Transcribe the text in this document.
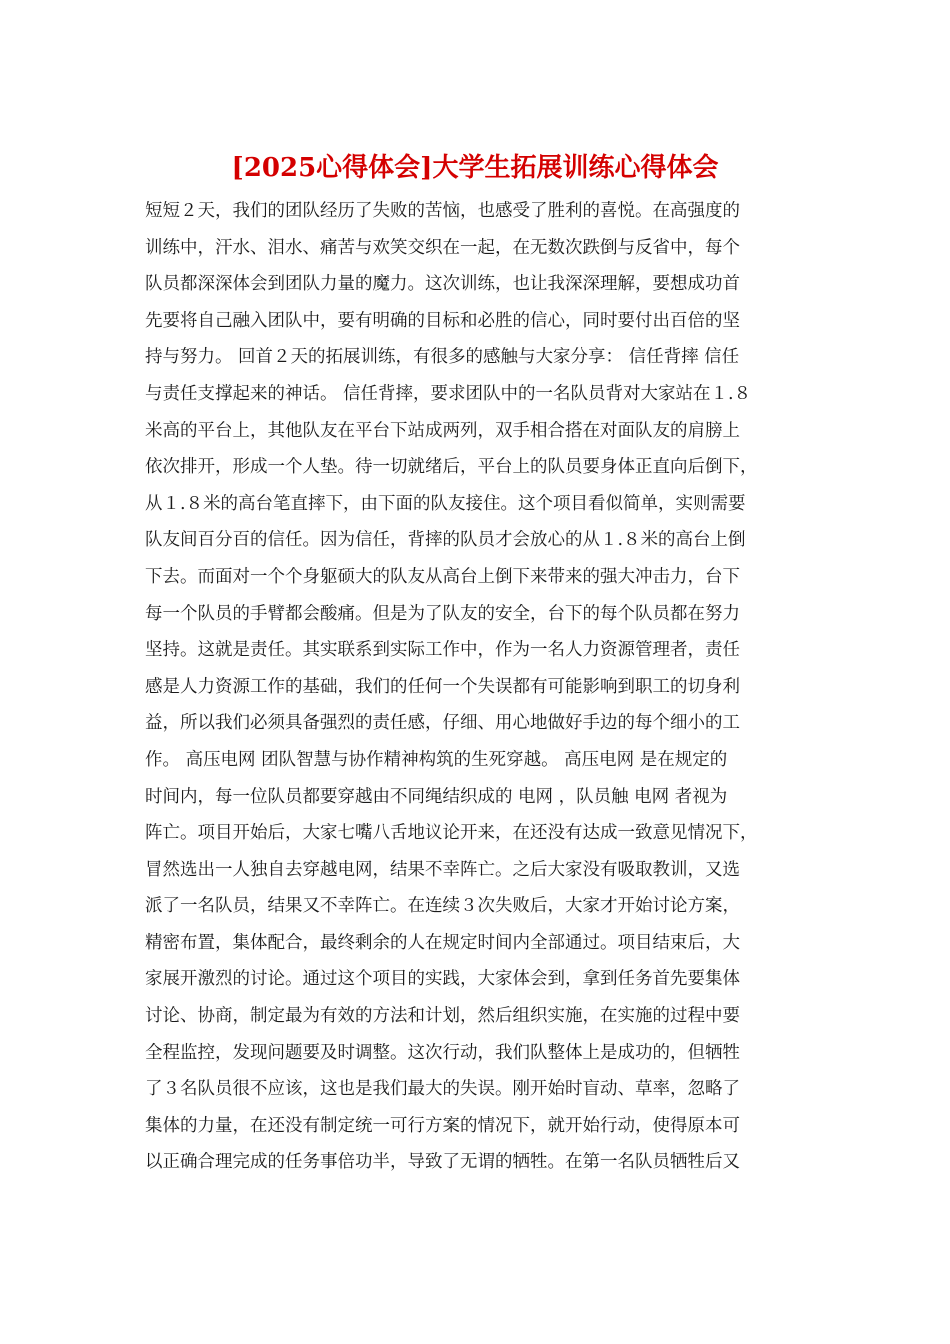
[2025心得体会]大学生拓展训练心得体会
短短２天，我们的团队经历了失败的苦恼，也感受了胜利的喜悦。在高强度的
训练中，汗水、泪水、痛苦与欢笑交织在一起，在无数次跌倒与反省中，每个
队员都深深体会到团队力量的魔力。这次训练，也让我深深理解，要想成功首
先要将自己融入团队中，要有明确的目标和必胜的信心，同时要付出百倍的坚
持与努力。 回首２天的拓展训练，有很多的感触与大家分享： 信任背摔 信任
与责任支撑起来的神话。 信任背摔，要求团队中的一名队员背对大家站在１.８
米高的平台上，其他队友在平台下站成两列，双手相合搭在对面队友的肩膀上
依次排开，形成一个人垫。待一切就绪后，平台上的队员要身体正直向后倒下，
从１.８米的高台笔直摔下，由下面的队友接住。这个项目看似简单，实则需要
队友间百分百的信任。因为信任，背摔的队员才会放心的从１.８米的高台上倒
下去。而面对一个个身躯硕大的队友从高台上倒下来带来的强大冲击力，台下
每一个队员的手臂都会酸痛。但是为了队友的安全，台下的每个队员都在努力
坚持。这就是责任。其实联系到实际工作中，作为一名人力资源管理者，责任
感是人力资源工作的基础，我们的任何一个失误都有可能影响到职工的切身利
益，所以我们必须具备强烈的责任感，仔细、用心地做好手边的每个细小的工
作。 高压电网 团队智慧与协作精神构筑的生死穿越。 高压电网 是在规定的
时间内，每一位队员都要穿越由不同绳结织成的 电网 ，队员触 电网 者视为
阵亡。项目开始后，大家七嘴八舌地议论开来，在还没有达成一致意见情况下，
冒然选出一人独自去穿越电网，结果不幸阵亡。之后大家没有吸取教训，又选
派了一名队员，结果又不幸阵亡。在连续３次失败后，大家才开始讨论方案，
精密布置，集体配合，最终剩余的人在规定时间内全部通过。项目结束后，大
家展开激烈的讨论。通过这个项目的实践，大家体会到，拿到任务首先要集体
讨论、协商，制定最为有效的方法和计划，然后组织实施，在实施的过程中要
全程监控，发现问题要及时调整。这次行动，我们队整体上是成功的，但牺牲
了３名队员很不应该，这也是我们最大的失误。刚开始时盲动、草率，忽略了
集体的力量，在还没有制定统一可行方案的情况下，就开始行动，使得原本可
以正确合理完成的任务事倍功半，导致了无谓的牺牲。在第一名队员牺牲后又
